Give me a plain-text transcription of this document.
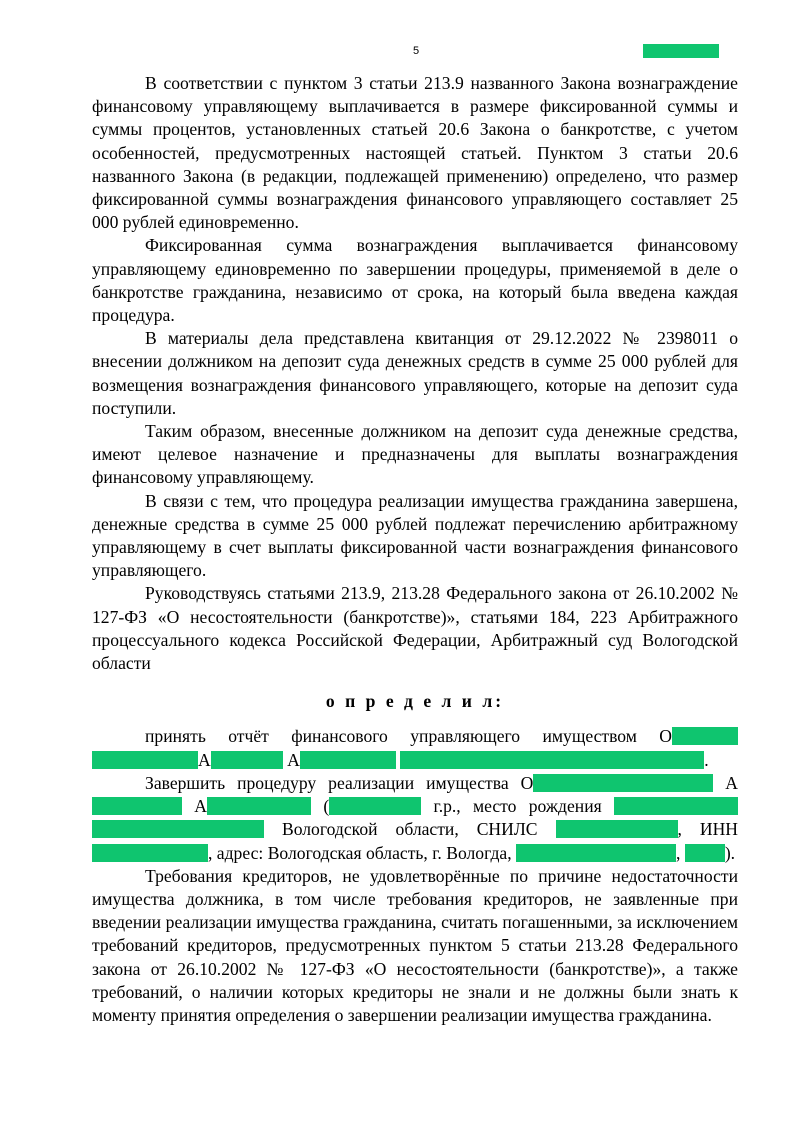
5

В соответствии с пунктом 3 статьи 213.9 названного Закона вознаграждение финансовому управляющему выплачивается в размере фиксированной суммы и суммы процентов, установленных статьей 20.6 Закона о банкротстве, с учетом особенностей, предусмотренных настоящей статьей. Пунктом 3 статьи 20.6 названного Закона (в редакции, подлежащей применению) определено, что размер фиксированной суммы вознаграждения финансового управляющего составляет 25 000 рублей единовременно.

Фиксированная сумма вознаграждения выплачивается финансовому управляющему единовременно по завершении процедуры, применяемой в деле о банкротстве гражданина, независимо от срока, на который была введена каждая процедура.

В материалы дела представлена квитанция от 29.12.2022 № 2398011 о внесении должником на депозит суда денежных средств в сумме 25 000 рублей для возмещения вознаграждения финансового управляющего, которые на депозит суда поступили.

Таким образом, внесенные должником на депозит суда денежные средства, имеют целевое назначение и предназначены для выплаты вознаграждения финансовому управляющему.

В связи с тем, что процедура реализации имущества гражданина завершена, денежные средства в сумме 25 000 рублей подлежат перечислению арбитражному управляющему в счет выплаты фиксированной части вознаграждения финансового управляющего.

Руководствуясь статьями 213.9, 213.28 Федерального закона от 26.10.2002 № 127-ФЗ «О несостоятельности (банкротстве)», статьями 184, 223 Арбитражного процессуального кодекса Российской Федерации, Арбитражный суд Вологодской области

о п р е д е л и л:

принять отчёт финансового управляющего имуществом О А	А	.

Завершить процедуру реализации имущества О	А А	(	г.р., место рождения   Вологодской области, СНИЛС	, ИНН , адрес: Вологодская область, г. Вологда,	,	).

Требования кредиторов, не удовлетворённые по причине недостаточности имущества должника, в том числе требования кредиторов, не заявленные при введении реализации имущества гражданина, считать погашенными, за исключением требований кредиторов, предусмотренных пунктом 5 статьи 213.28 Федерального закона от 26.10.2002 № 127-ФЗ «О несостоятельности (банкротстве)», а также требований, о наличии которых кредиторы не знали и не должны были знать к моменту принятия определения о завершении реализации имущества гражданина.
